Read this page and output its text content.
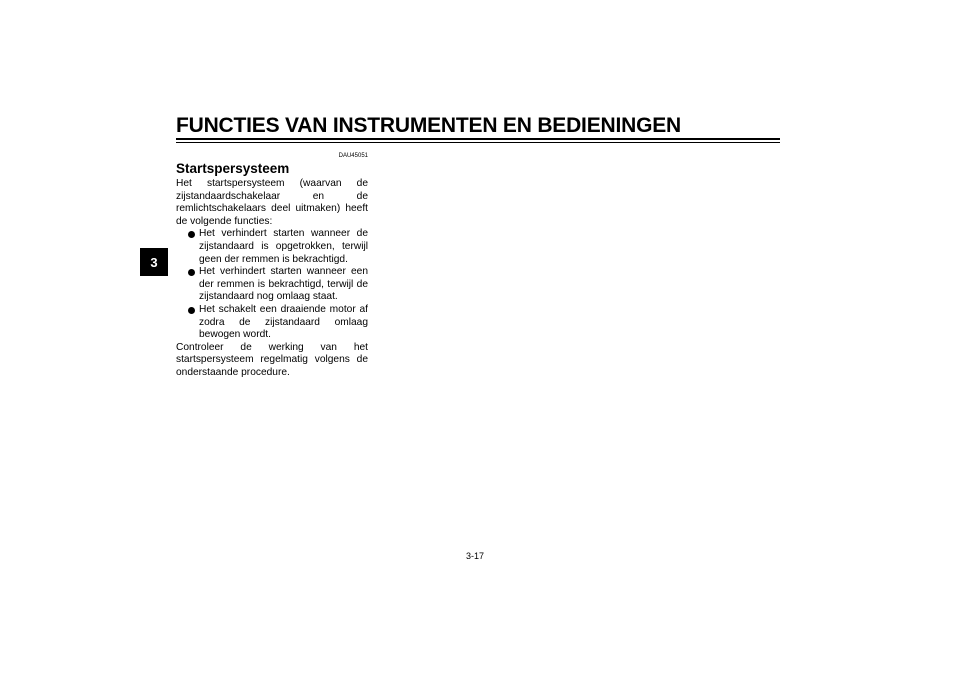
FUNCTIES VAN INSTRUMENTEN EN BEDIENINGEN
3
DAU45051
Startspersysteem
Het startspersysteem (waarvan de zijstandaardschakelaar en de remlichtschakelaars deel uitmaken) heeft de volgende functies:
Het verhindert starten wanneer de zijstandaard is opgetrokken, terwijl geen der remmen is bekrachtigd.
Het verhindert starten wanneer een der remmen is bekrachtigd, terwijl de zijstandaard nog omlaag staat.
Het schakelt een draaiende motor af zodra de zijstandaard omlaag bewogen wordt.
Controleer de werking van het startspersysteem regelmatig volgens de onderstaande procedure.
3-17
